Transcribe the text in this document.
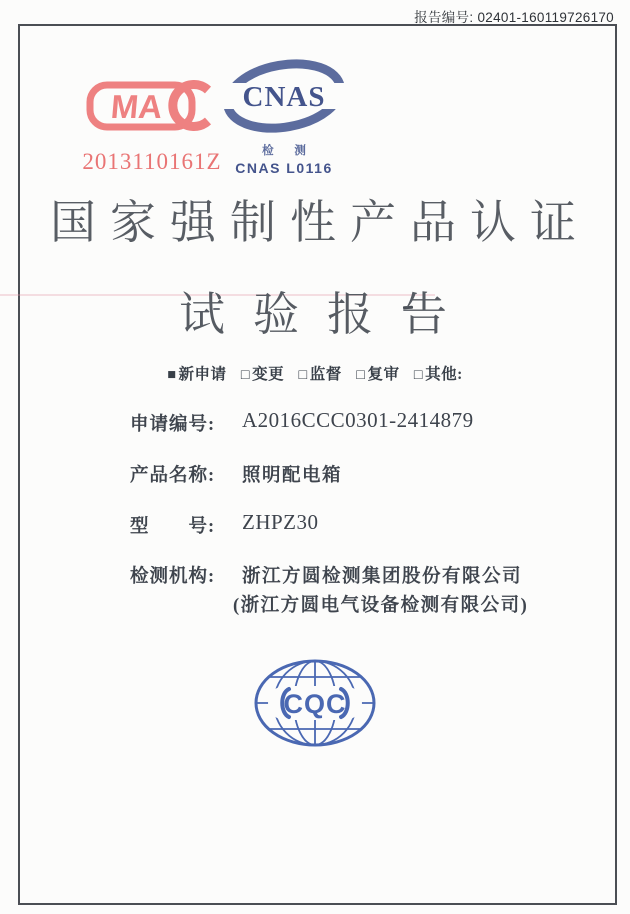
报告编号: 02401-160119726170
MA
2013110161Z
CNAS
检 测
CNAS L0116
国家强制性产品认证
试验报告
■ 新申请 □ 变更 □ 监督 □ 复审 □ 其他:
申请编号:	A2016CCC0301-2414879
产品名称:	照明配电箱
型　　号:	ZHPZ30
检测机构:	浙江方圆检测集团股份有限公司
(浙江方圆电气设备检测有限公司)
CQC
